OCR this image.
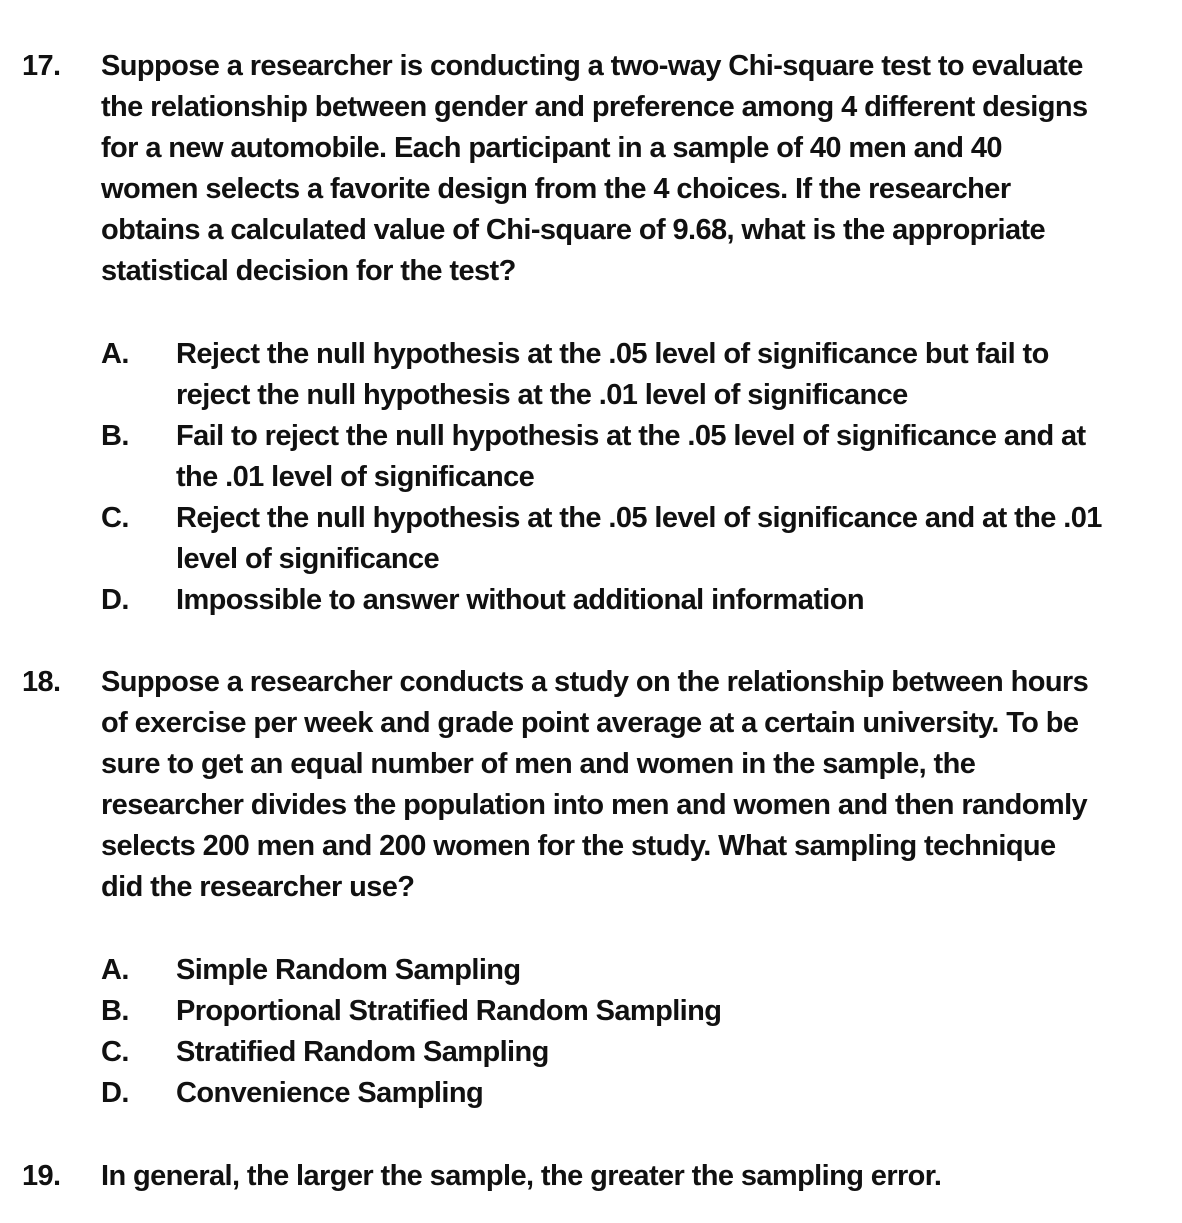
17. Suppose a researcher is conducting a two-way Chi-square test to evaluate
the relationship between gender and preference among 4 different designs
for a new automobile. Each participant in a sample of 40 men and 40
women selects a favorite design from the 4 choices. If the researcher
obtains a calculated value of Chi-square of 9.68, what is the appropriate
statistical decision for the test?
A. Reject the null hypothesis at the .05 level of significance but fail to
reject the null hypothesis at the .01 level of significance
B. Fail to reject the null hypothesis at the .05 level of significance and at
the .01 level of significance
C. Reject the null hypothesis at the .05 level of significance and at the .01
level of significance
D. Impossible to answer without additional information
18. Suppose a researcher conducts a study on the relationship between hours
of exercise per week and grade point average at a certain university. To be
sure to get an equal number of men and women in the sample, the
researcher divides the population into men and women and then randomly
selects 200 men and 200 women for the study. What sampling technique
did the researcher use?
A. Simple Random Sampling
B. Proportional Stratified Random Sampling
C. Stratified Random Sampling
D. Convenience Sampling
19. In general, the larger the sample, the greater the sampling error.
